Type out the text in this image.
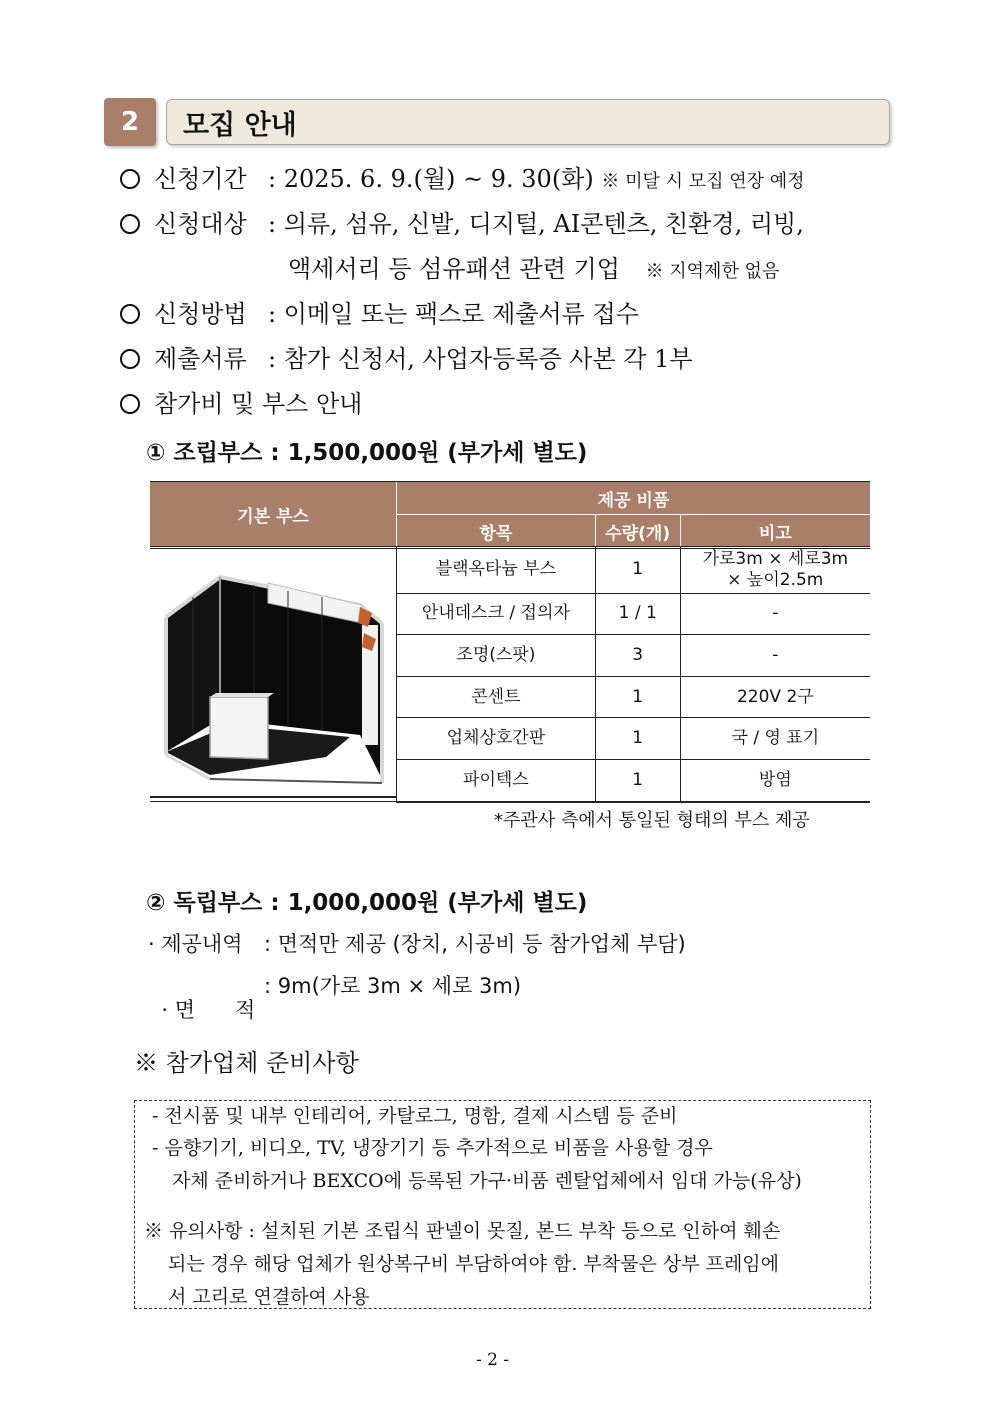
2	모집 안내
신청기간 : 2025. 6. 9.(월) ~ 9. 30(화) ※ 미달 시 모집 연장 예정
신청대상 : 의류, 섬유, 신발, 디지털, AI콘텐츠, 친환경, 리빙,
액세서리 등 섬유패션 관련 기업 ※ 지역제한 없음
신청방법 : 이메일 또는 팩스로 제출서류 접수
제출서류 : 참가 신청서, 사업자등록증 사본 각 1부
참가비 및 부스 안내
① 조립부스 : 1,500,000원 (부가세 별도)
기본 부스	제공 비품		
	항목	수량(개)	비고
	블랙옥타늄 부스	1	가로3m × 세로3m
× 높이2.5m

	안내데스크 / 접의자	1 / 1	-
	조명(스팟)	3	-
	콘센트	1	220V 2구
	업체상호간판	1	국 / 영 표기
	파이텍스	1	방염
*주관사 측에서 통일된 형태의 부스 제공
② 독립부스 : 1,000,000원 (부가세 별도)
· 제공내역 : 면적만 제공 (장치, 시공비 등 참가업체 부담)

· 면      적

: 9m(가로 3m × 세로 3m)
※ 참가업체 준비사항
- 전시품 및 내부 인테리어, 카탈로그, 명함, 결제 시스템 등 준비
- 음향기기, 비디오, TV, 냉장기기 등 추가적으로 비품을 사용할 경우
자체 준비하거나 BEXCO에 등록된 가구·비품 렌탈업체에서 임대 가능(유상)
※ 유의사항 : 설치된 기본 조립식 판넬이 못질, 본드 부착 등으로 인하여 훼손
되는 경우 해당 업체가 원상복구비 부담하여야 함. 부착물은 상부 프레임에
서 고리로 연결하여 사용
- 2 -
